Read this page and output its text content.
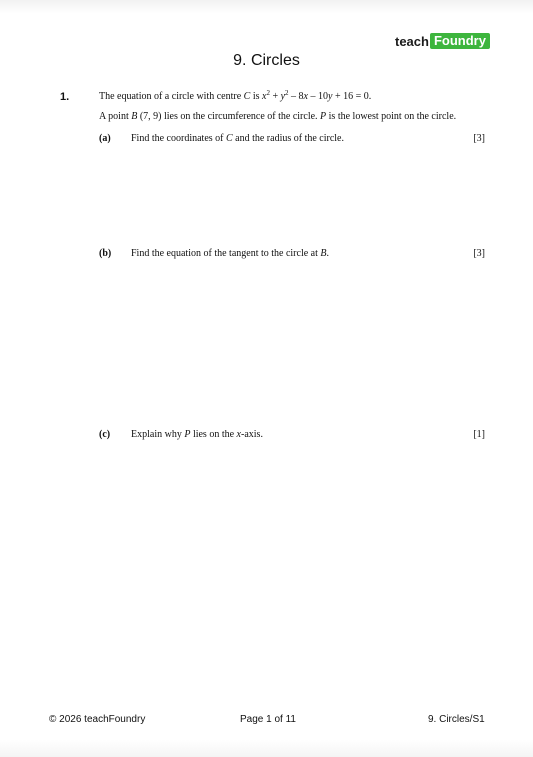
teach Foundry
9. Circles
1.	The equation of a circle with centre C is $x^2 + y^2 - 8x - 10y + 16 = 0$.
A point B (7, 9) lies on the circumference of the circle. P is the lowest point on the circle.
(a) Find the coordinates of C and the radius of the circle.	[3]
(b) Find the equation of the tangent to the circle at B.	[3]
(c) Explain why P lies on the x-axis.	[1]
© 2026 teachFoundry	Page 1 of 11	9. Circles/S1
